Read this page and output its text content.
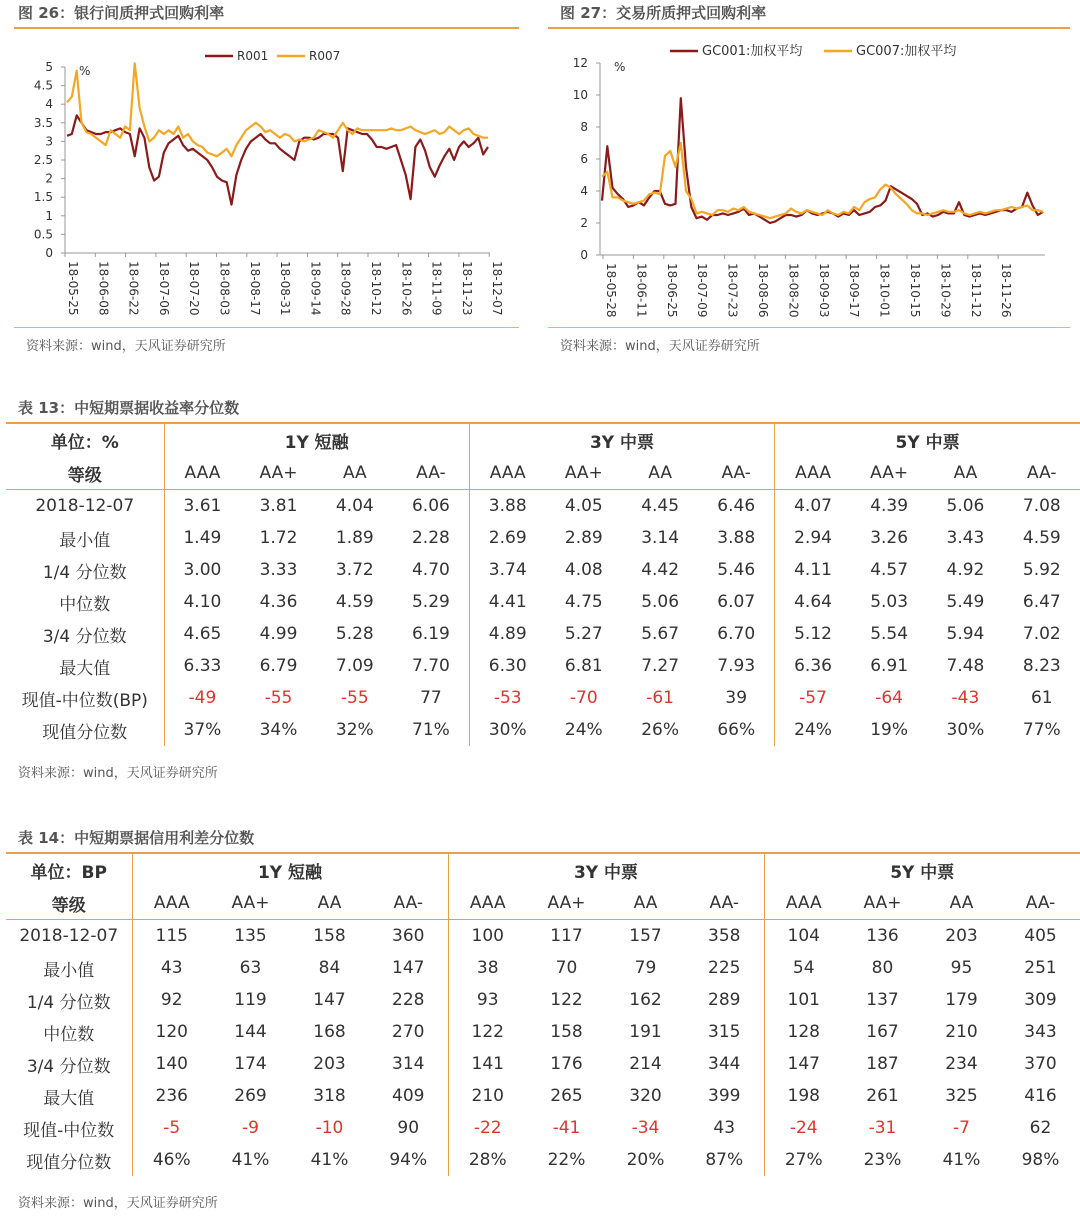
图 26：银行间质押式回购利率
0
0.5
1
1.5
2
2.5
3
3.5
4
4.5
5 %
18-05-25 18-06-08 18-06-22 18-07-06 18-07-20 18-08-03 18-08-17 18-08-31 18-09-14 18-09-28 18-10-12 18-10-26 18-11-09 18-11-23 18-12-07
R001	R007
资料来源：wind，天风证券研究所
图 27：交易所质押式回购利率
0
2
4
6
8
10
12 %
18-05-28 18-06-11 18-06-25 18-07-09 18-07-23 18-08-06 18-08-20 18-09-03 18-09-17 18-10-01 18-10-15 18-10-29 18-11-12 18-11-26
GC001:加权平均	GC007:加权平均
资料来源：wind，天风证券研究所
表 13：中短期票据收益率分位数
单位：%	1Y 短融				3Y 中票				5Y 中票			
等级	AAA	AA+	AA	AA-	AAA	AA+	AA	AA-	AAA	AA+	AA	AA-
2018-12-07	3.61	3.81	4.04	6.06	3.88	4.05	4.45	6.46	4.07	4.39	5.06	7.08
最小值	1.49	1.72	1.89	2.28	2.69	2.89	3.14	3.88	2.94	3.26	3.43	4.59
1/4 分位数	3.00	3.33	3.72	4.70	3.74	4.08	4.42	5.46	4.11	4.57	4.92	5.92
中位数	4.10	4.36	4.59	5.29	4.41	4.75	5.06	6.07	4.64	5.03	5.49	6.47
3/4 分位数	4.65	4.99	5.28	6.19	4.89	5.27	5.67	6.70	5.12	5.54	5.94	7.02
最大值	6.33	6.79	7.09	7.70	6.30	6.81	7.27	7.93	6.36	6.91	7.48	8.23
现值-中位数(BP)	-49	-55	-55	77	-53	-70	-61	39	-57	-64	-43	61
现值分位数	37%	34%	32%	71%	30%	24%	26%	66%	24%	19%	30%	77%
资料来源：wind，天风证券研究所
表 14：中短期票据信用利差分位数
单位：BP	1Y 短融				3Y 中票				5Y 中票			
等级	AAA	AA+	AA	AA-	AAA	AA+	AA	AA-	AAA	AA+	AA	AA-
2018-12-07	115	135	158	360	100	117	157	358	104	136	203	405
最小值	43	63	84	147	38	70	79	225	54	80	95	251
1/4 分位数	92	119	147	228	93	122	162	289	101	137	179	309
中位数	120	144	168	270	122	158	191	315	128	167	210	343
3/4 分位数	140	174	203	314	141	176	214	344	147	187	234	370
最大值	236	269	318	409	210	265	320	399	198	261	325	416
现值-中位数	-5	-9	-10	90	-22	-41	-34	43	-24	-31	-7	62
现值分位数	46%	41%	41%	94%	28%	22%	20%	87%	27%	23%	41%	98%
资料来源：wind，天风证券研究所
